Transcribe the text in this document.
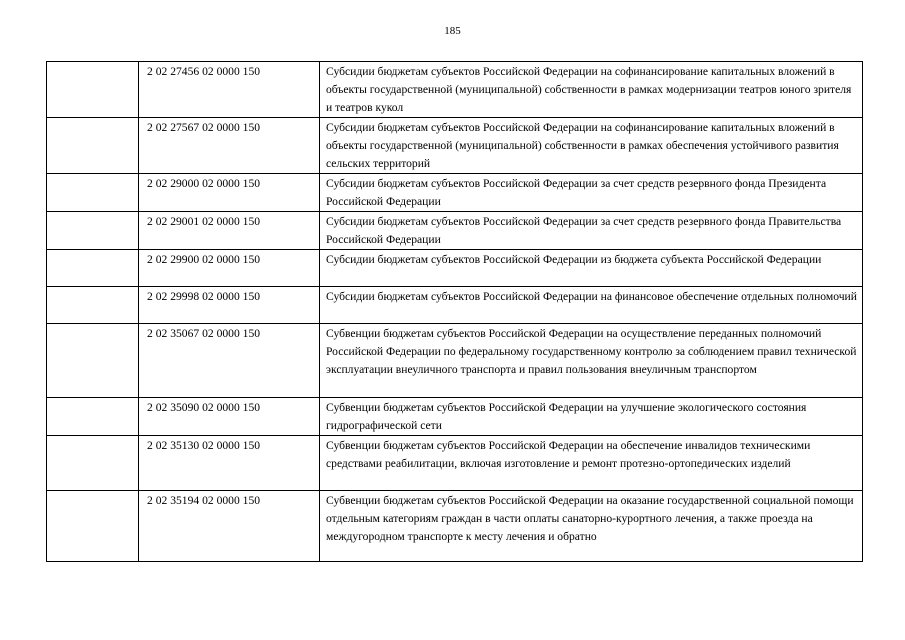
185
	2 02 27456 02 0000 150	Субсидии бюджетам субъектов Российской Федерации на софинансирование капитальных вложений в объекты государственной (муниципальной) собственности в рамках модернизации театров юного зрителя и театров кукол
	2 02 27567 02 0000 150	Субсидии бюджетам субъектов Российской Федерации на софинансирование капитальных вложений в объекты государственной (муниципальной) собственности в рамках обеспечения устойчивого развития сельских территорий
	2 02 29000 02 0000 150	Субсидии бюджетам субъектов Российской Федерации за счет средств резервного фонда Президента Российской Федерации
	2 02 29001 02 0000 150	Субсидии бюджетам субъектов Российской Федерации за счет средств резервного фонда Правительства Российской Федерации
	2 02 29900 02 0000 150	Субсидии бюджетам субъектов Российской Федерации из бюджета субъекта Российской Федерации
	2 02 29998 02 0000 150	Субсидии бюджетам субъектов Российской Федерации на финансовое обеспечение отдельных полномочий
	2 02 35067 02 0000 150	Субвенции бюджетам субъектов Российской Федерации на осуществление переданных полномочий Российской Федерации по федеральному государственному контролю за соблюдением правил технической эксплуатации внеуличного транспорта и правил пользования внеуличным транспортом
	2 02 35090 02 0000 150	Субвенции бюджетам субъектов Российской Федерации на улучшение экологического состояния гидрографической сети
	2 02 35130 02 0000 150	Субвенции бюджетам субъектов Российской Федерации на обеспечение инвалидов техническими средствами реабилитации, включая изготовление и ремонт протезно-ортопедических изделий
	2 02 35194 02 0000 150	Субвенции бюджетам субъектов Российской Федерации на оказание государственной социальной помощи отдельным категориям граждан в части оплаты санаторно-курортного лечения, а также проезда на междугородном транспорте к месту лечения и обратно
